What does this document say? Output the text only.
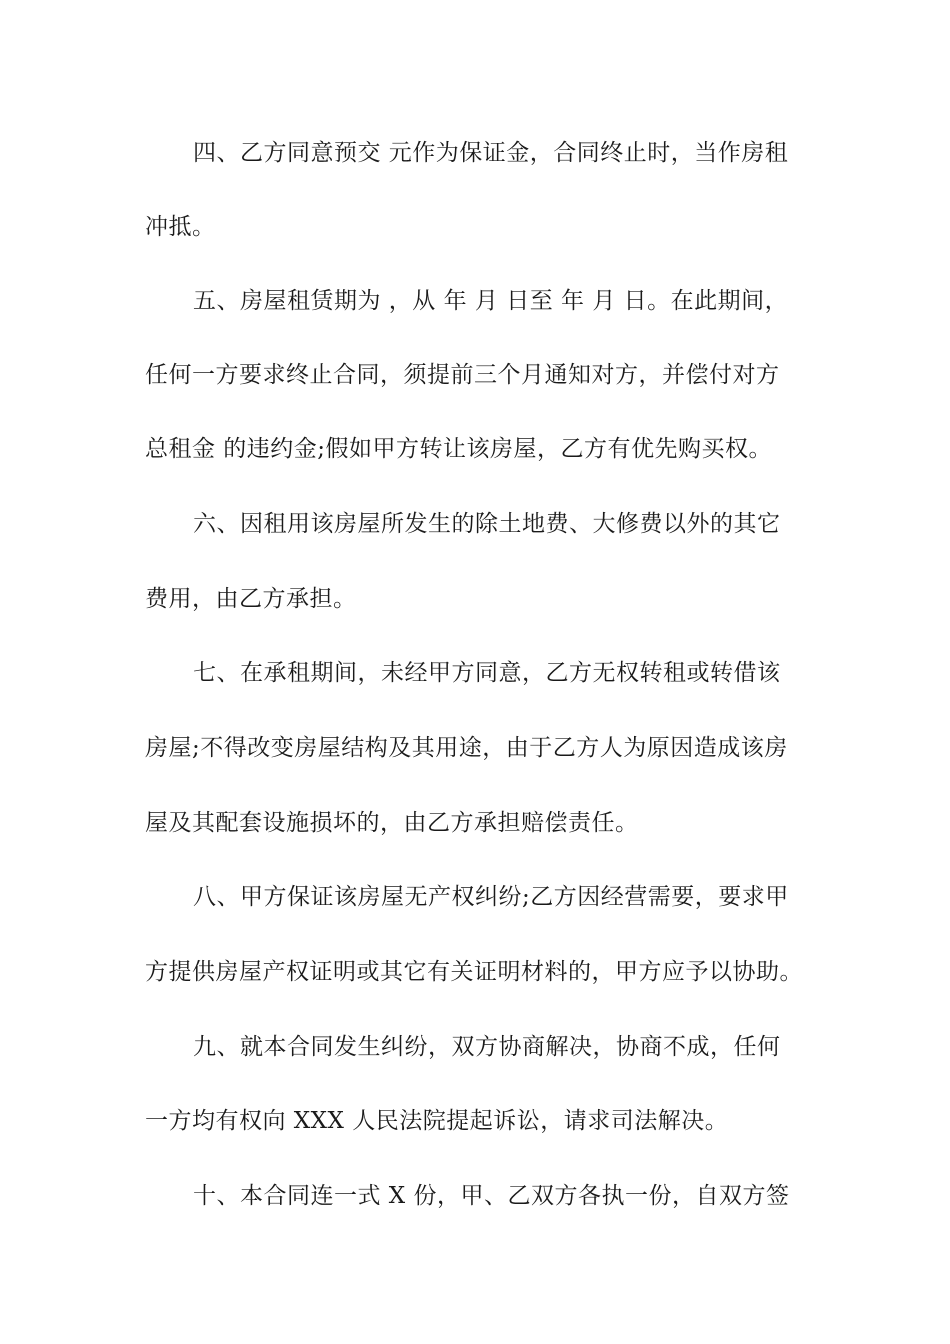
四、乙方同意预交 元作为保证金，合同终止时，当作房租
冲抵。
五、房屋租赁期为 ，从 年 月 日至 年 月 日。在此期间，
任何一方要求终止合同，须提前三个月通知对方，并偿付对方
总租金 的违约金;假如甲方转让该房屋，乙方有优先购买权。
六、因租用该房屋所发生的除土地费、大修费以外的其它
费用，由乙方承担。
七、在承租期间，未经甲方同意，乙方无权转租或转借该
房屋;不得改变房屋结构及其用途，由于乙方人为原因造成该房
屋及其配套设施损坏的，由乙方承担赔偿责任。
八、甲方保证该房屋无产权纠纷;乙方因经营需要，要求甲
方提供房屋产权证明或其它有关证明材料的，甲方应予以协助。
九、就本合同发生纠纷，双方协商解决，协商不成，任何
一方均有权向 XXX 人民法院提起诉讼，请求司法解决。
十、本合同连一式 X 份，甲、乙双方各执一份，自双方签
